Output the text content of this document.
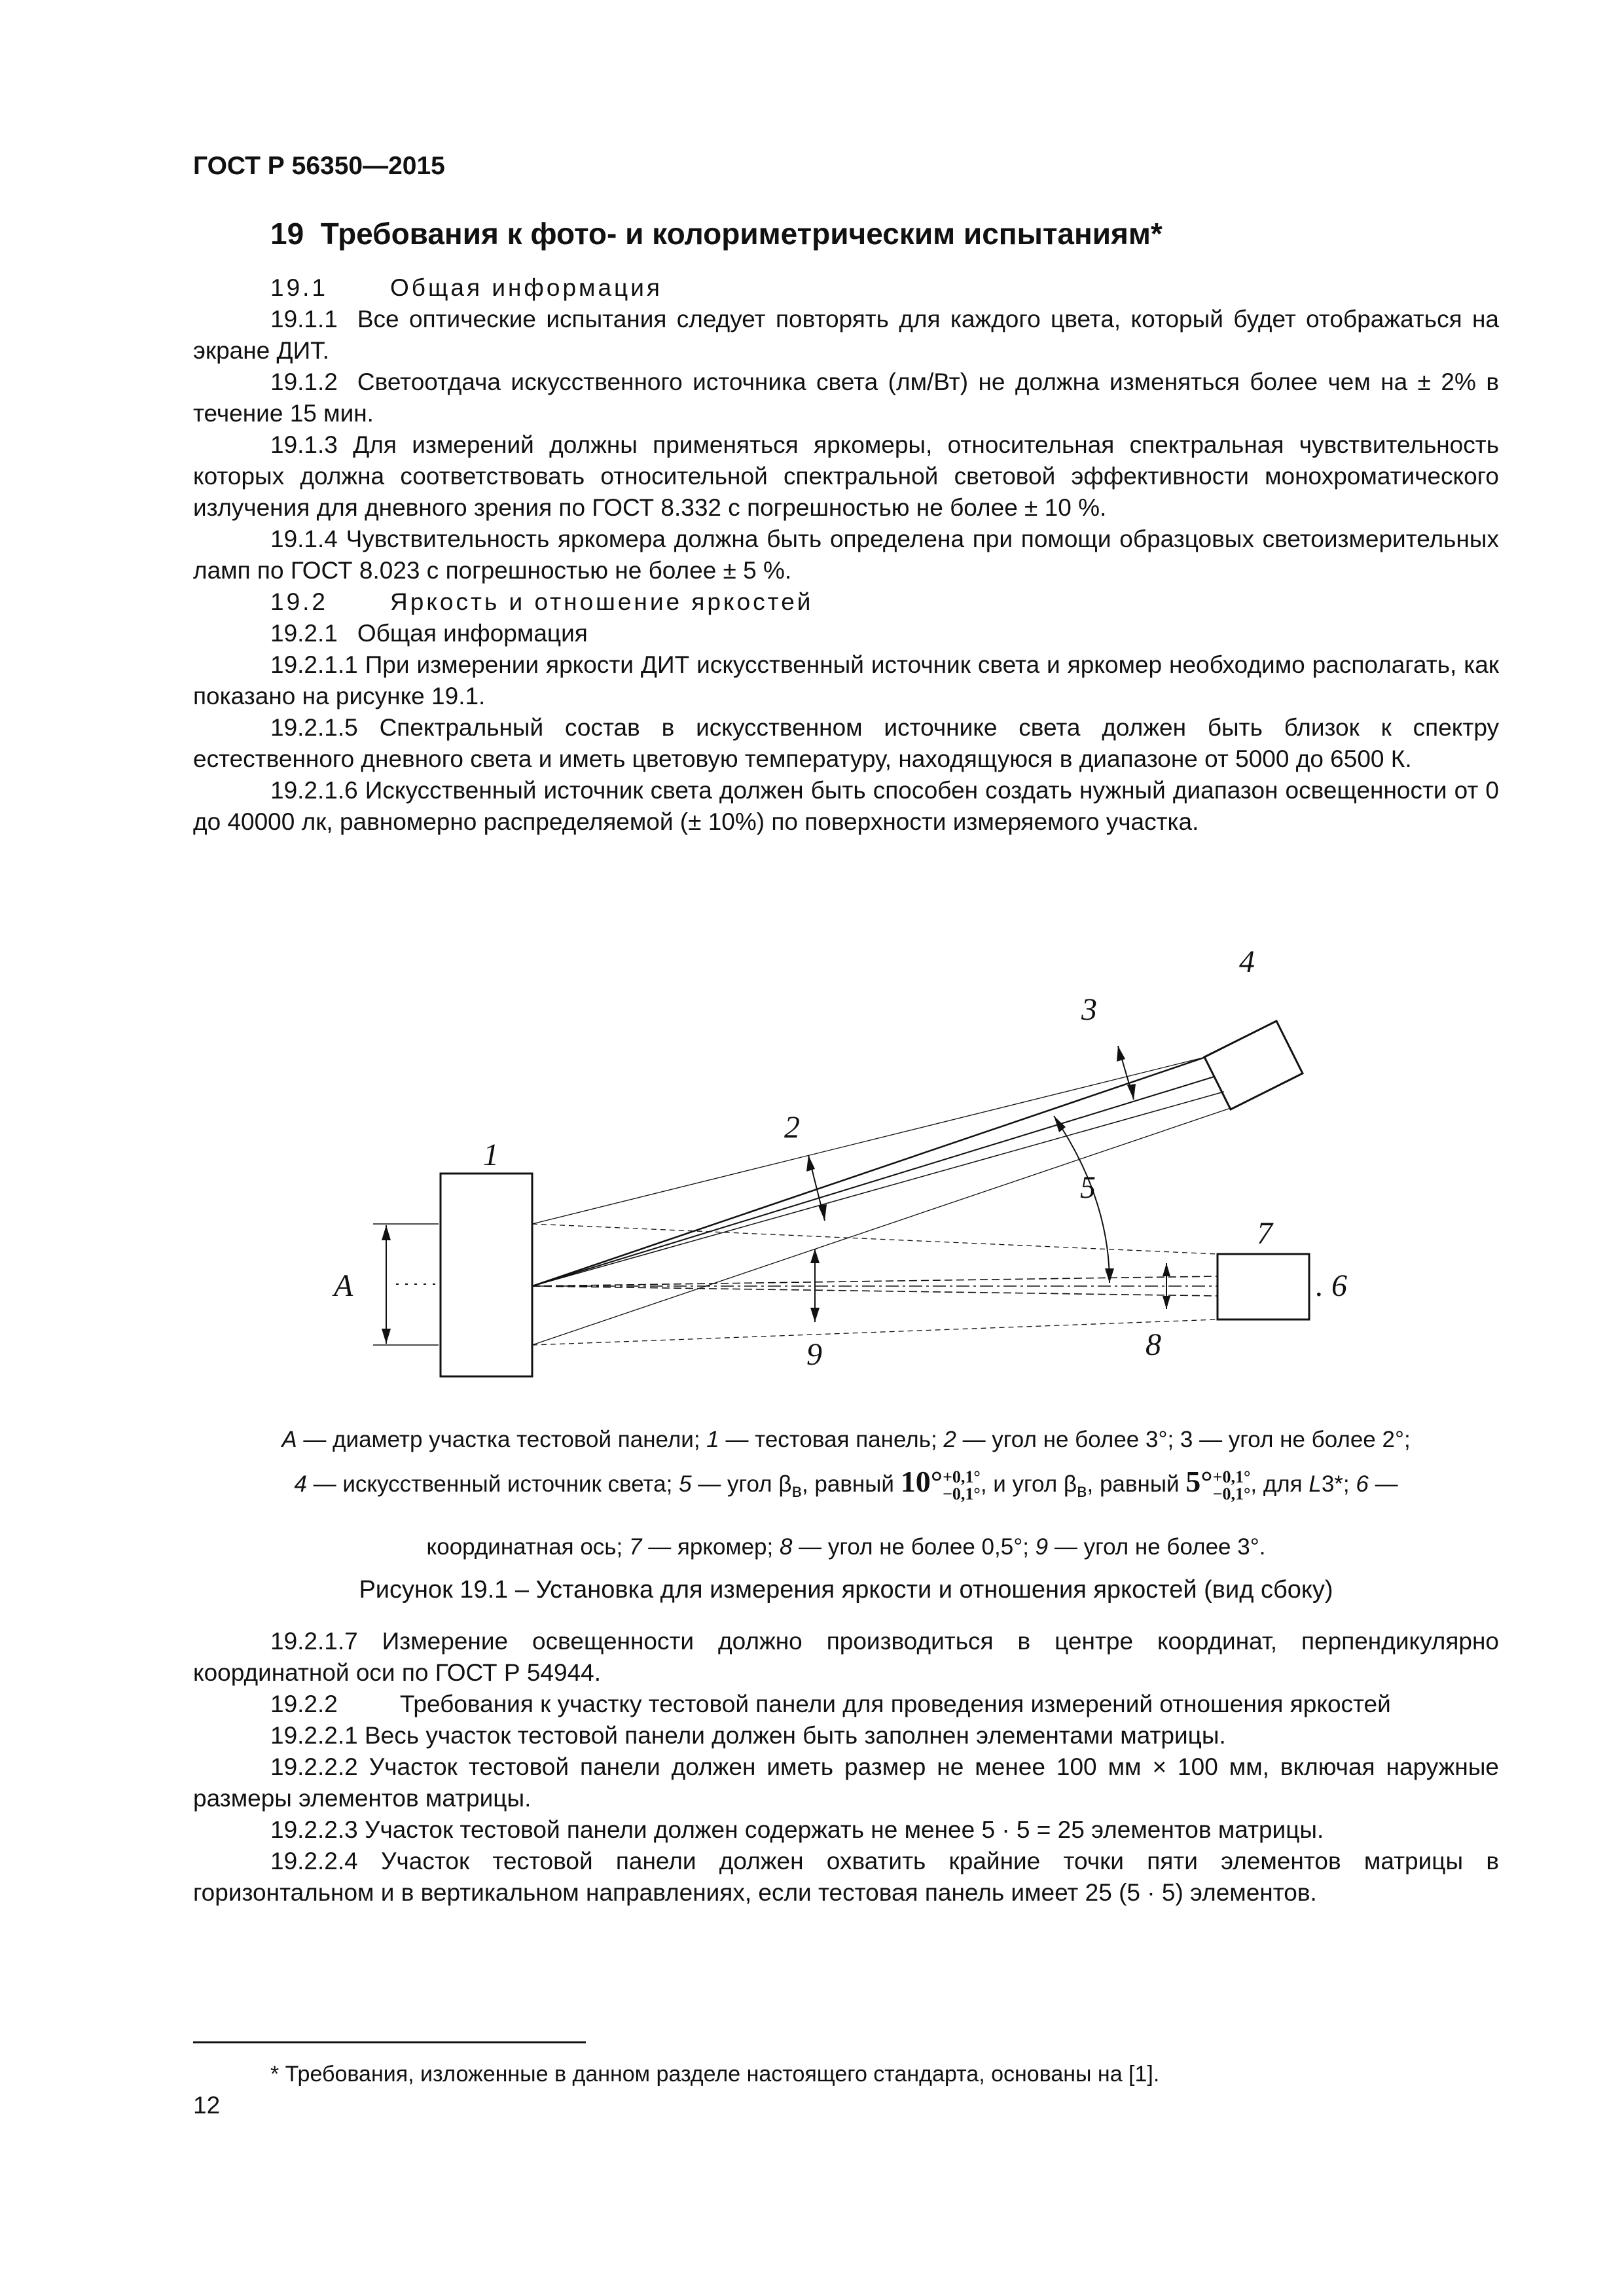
ГОСТ Р 56350—2015
19 Требования к фото- и колориметрическим испытаниям*

19.1	Общая информация

19.1.1 Все оптические испытания следует повторять для каждого цвета, который будет отображаться на экране ДИТ.

19.1.2 Светоотдача искусственного источника света (лм/Вт) не должна изменяться более чем на ± 2% в течение 15 мин.

19.1.3 Для измерений должны применяться яркомеры, относительная спектральная чувствительность которых должна соответствовать относительной спектральной световой эффективности монохроматического излучения для дневного зрения по ГОСТ 8.332 с погрешностью не более ± 10 %.

19.1.4 Чувствительность яркомера должна быть определена при помощи образцовых светоизмерительных ламп по ГОСТ 8.023 с погрешностью не более ± 5 %.

19.2	Яркость и отношение яркостей

19.2.1 Общая информация

19.2.1.1 При измерении яркости ДИТ искусственный источник света и яркомер необходимо располагать, как показано на рисунке 19.1.

19.2.1.5 Спектральный состав в искусственном источнике света должен быть близок к спектру естественного дневного света и иметь цветовую температуру, находящуюся в диапазоне от 5000 до 6500 К.

19.2.1.6 Искусственный источник света должен быть способен создать нужный диапазон освещенности от 0 до 40000 лк, равномерно распределяемой (± 10%) по поверхности измеряемого участка.

1
2
3
4
5
. 6
7
8
9
A
A — диаметр участка тестовой панели; 1 — тестовая панель; 2 — угол не более 3°; 3 — угол не более 2°;
4 — искусственный источник света; 5 — угол $\beta_в$, равный 10°+0,1°
−0,1°, и угол $\beta_в$, равный 5°+0,1°
−0,1°, для L3*; 6 —
координатная ось; 7 — яркомер; 8 — угол не более 0,5°; 9 — угол не более 3°.
Рисунок 19.1 – Установка для измерения яркости и отношения яркостей (вид сбоку)

19.2.1.7 Измерение освещенности должно производиться в центре координат, перпендикулярно координатной оси по ГОСТ Р 54944.

19.2.2	Требования к участку тестовой панели для проведения измерений отношения яркостей

19.2.2.1 Весь участок тестовой панели должен быть заполнен элементами матрицы.

19.2.2.2 Участок тестовой панели должен иметь размер не менее 100 мм × 100 мм, включая наружные размеры элементов матрицы.

19.2.2.3 Участок тестовой панели должен содержать не менее 5 · 5 = 25 элементов матрицы.

19.2.2.4 Участок тестовой панели должен охватить крайние точки пяти элементов матрицы в горизонтальном и в вертикальном направлениях, если тестовая панель имеет 25 (5 · 5) элементов.

* Требования, изложенные в данном разделе настоящего стандарта, основаны на [1].
12
